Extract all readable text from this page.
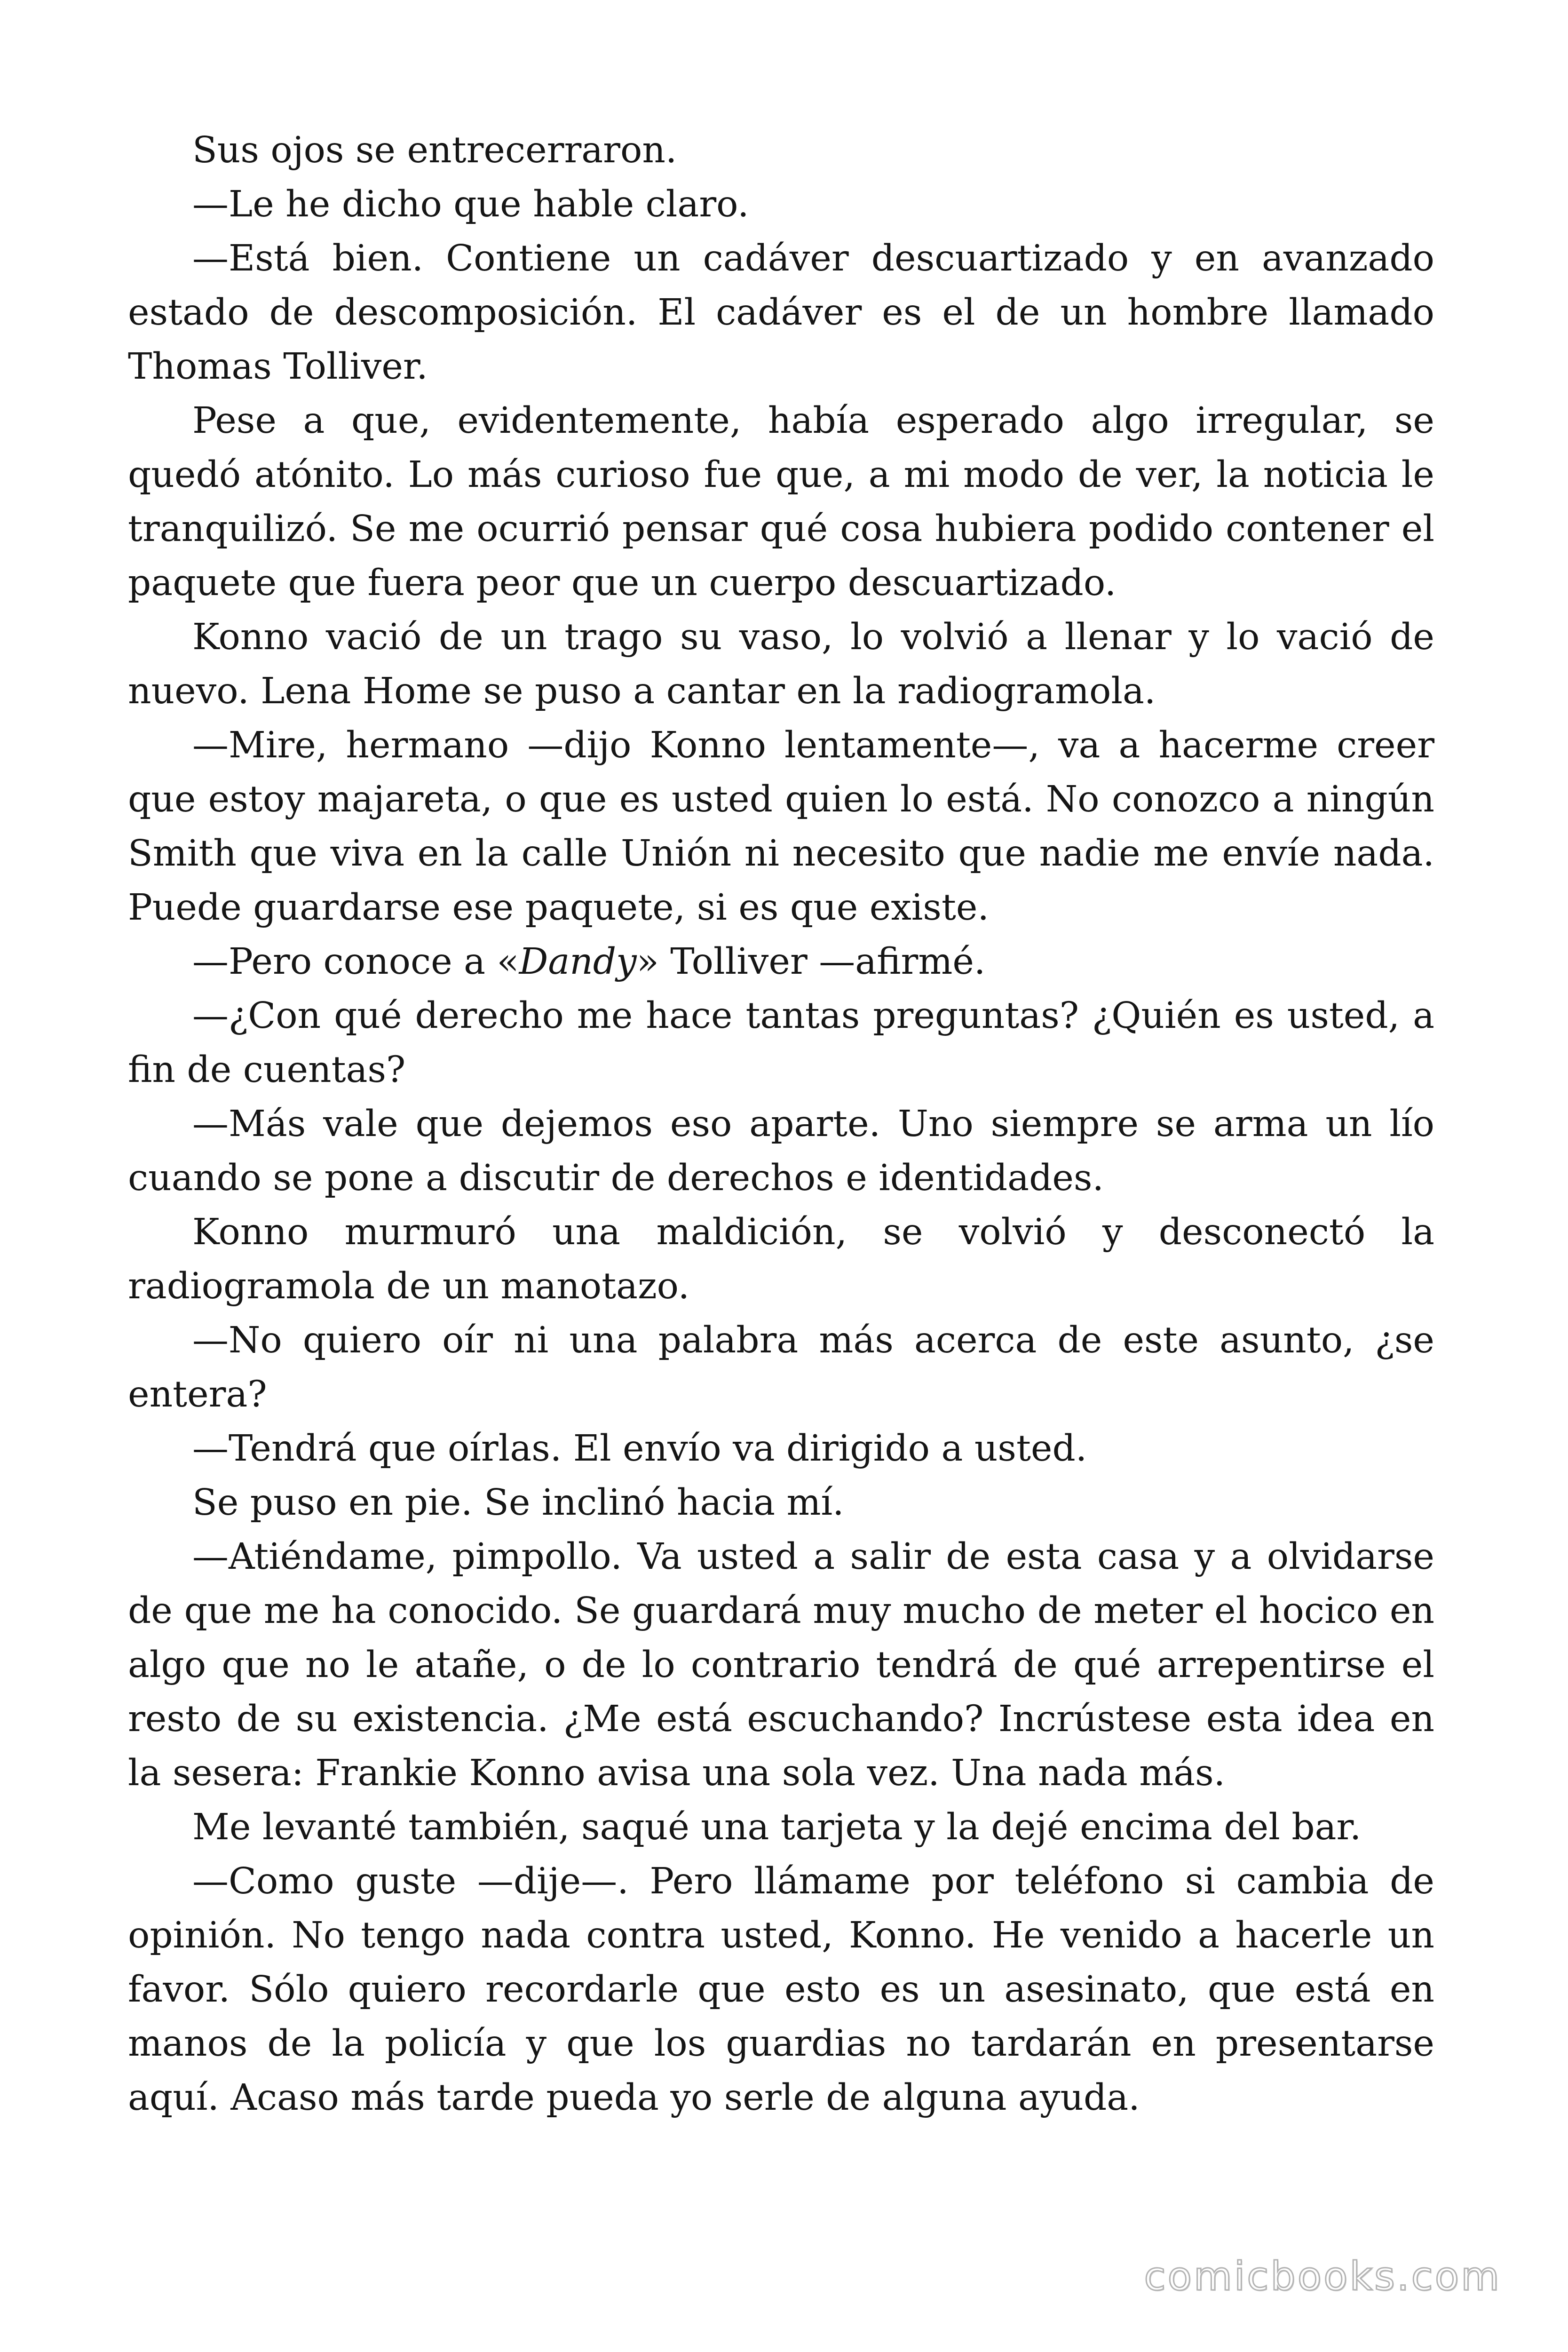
Sus ojos se entrecerraron.

—Le he dicho que hable claro.

—Está bien. Contiene un cadáver descuartizado y en avanzado estado de descomposición. El cadáver es el de un hombre llamado Thomas Tolliver.

Pese a que, evidentemente, había esperado algo irregular, se quedó atónito. Lo más curioso fue que, a mi modo de ver, la noticia le tranquilizó. Se me ocurrió pensar qué cosa hubiera podido contener el paquete que fuera peor que un cuerpo descuartizado.

Konno vació de un trago su vaso, lo volvió a llenar y lo vació de nuevo. Lena Home se puso a cantar en la radiogramola.

—Mire, hermano —dijo Konno lentamente—, va a hacerme creer que estoy majareta, o que es usted quien lo está. No conozco a ningún Smith que viva en la calle Unión ni necesito que nadie me envíe nada. Puede guardarse ese paquete, si es que existe.

—Pero conoce a «Dandy» Tolliver —afirmé.

—¿Con qué derecho me hace tantas preguntas? ¿Quién es usted, a fin de cuentas?

—Más vale que dejemos eso aparte. Uno siempre se arma un lío cuando se pone a discutir de derechos e identidades.

Konno murmuró una maldición, se volvió y desconectó la radiogramola de un manotazo.

—No quiero oír ni una palabra más acerca de este asunto, ¿se entera?

—Tendrá que oírlas. El envío va dirigido a usted.

Se puso en pie. Se inclinó hacia mí.

—Atiéndame, pimpollo. Va usted a salir de esta casa y a olvidarse de que me ha conocido. Se guardará muy mucho de meter el hocico en algo que no le atañe, o de lo contrario tendrá de qué arrepentirse el resto de su existencia. ¿Me está escuchando? Incrústese esta idea en la sesera: Frankie Konno avisa una sola vez. Una nada más.

Me levanté también, saqué una tarjeta y la dejé encima del bar.

—Como guste —dije—. Pero llámame por teléfono si cambia de opinión. No tengo nada contra usted, Konno. He venido a hacerle un favor. Sólo quiero recordarle que esto es un asesinato, que está en manos de la policía y que los guardias no tardarán en presentarse aquí. Acaso más tarde pueda yo serle de alguna ayuda.

comicbooks.com
